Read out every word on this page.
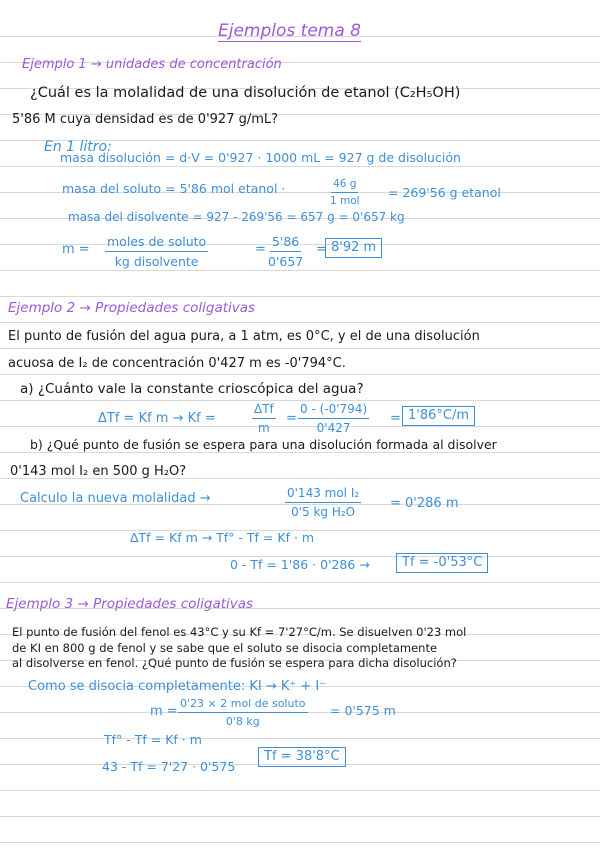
Ejemplos tema 8
Ejemplo 1 → unidades de concentración
¿Cuál es la molalidad de una disolución de etanol (C₂H₅OH)
5'86 M cuya densidad es de 0'927 g/mL?
En 1 litro:
masa disolución = d·V = 0'927 · 1000 mL = 927 g de disolución
masa del soluto = 5'86 mol etanol ·	46 g
1 mol
= 269'56 g etanol
masa del disolvente = 927 - 269'56 = 657 g = 0'657 kg
m =
moles de soluto
kg disolvente
= $\frac{5'86}{0'657} = 8'92$ m
Ejemplo 2 → Propiedades coligativas
El punto de fusión del agua pura, a 1 atm, es 0°C, y el de una disolución
acuosa de I₂ de concentración 0'427 m es -0'794°C.
a) ¿Cuánto vale la constante crioscópica del agua?
ΔTf = Kf m → Kf =
ΔTf
m
= $\frac{0 - (-0'794)}{0'427} = 1'86^\circ C/m$
b) ¿Qué punto de fusión se espera para una disolución formada al disolver
0'143 mol I₂ en 500 g H₂O?
Calculo la nueva molalidad →	0'143 mol I₂
0'5 kg H₂O
= 0'286 m
ΔTf = Kf m → Tf° - Tf = Kf · m
0 - Tf = 1'86 · 0'286 →	Tf = -0'53°C
Ejemplo 3 → Propiedades coligativas
El punto de fusión del fenol es 43°C y su Kf = 7'27°C/m. Se disuelven 0'23 mol
de KI en 800 g de fenol y se sabe que el soluto se disocia completamente
al disolverse en fenol. ¿Qué punto de fusión se espera para dicha disolución?
Como se disocia completamente: KI → K⁺ + I⁻
m =
0'23 × 2 mol de soluto
0'8 kg
= 0'575 m
Tf° - Tf = Kf · m
43 - Tf = 7'27 · 0'575
Tf = 38'8°C
